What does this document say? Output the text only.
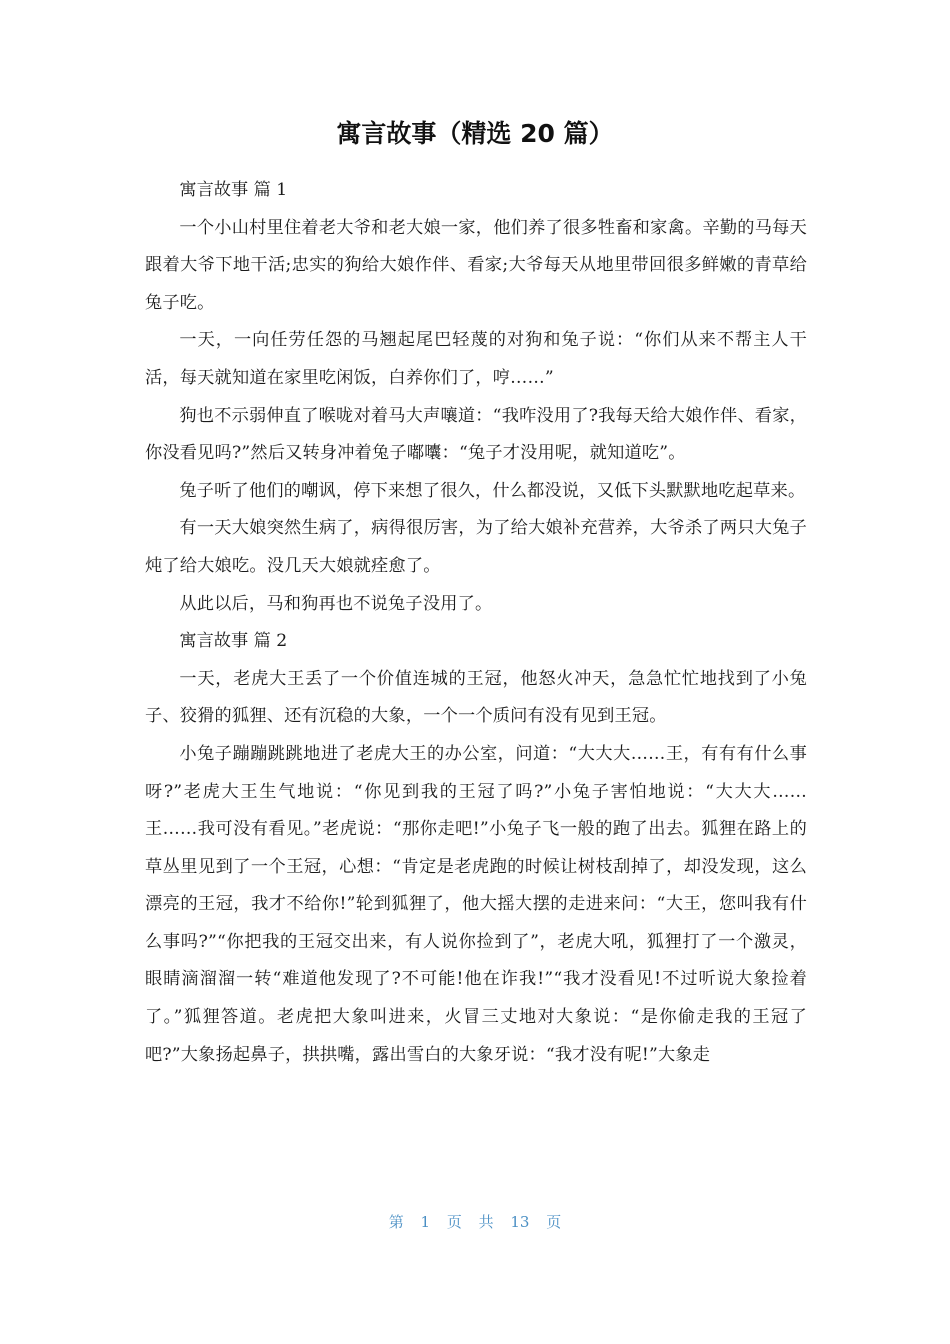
寓言故事（精选 20 篇）

寓言故事 篇 1

一个小山村里住着老大爷和老大娘一家，他们养了很多牲畜和家禽。辛勤的马每天跟着大爷下地干活;忠实的狗给大娘作伴、看家;大爷每天从地里带回很多鲜嫩的青草给兔子吃。

一天，一向任劳任怨的马翘起尾巴轻蔑的对狗和兔子说：“你们从来不帮主人干活，每天就知道在家里吃闲饭，白养你们了，哼……”

狗也不示弱伸直了喉咙对着马大声嚷道：“我咋没用了?我每天给大娘作伴、看家，你没看见吗?”然后又转身冲着兔子嘟囔：“兔子才没用呢，就知道吃”。

兔子听了他们的嘲讽，停下来想了很久，什么都没说，又低下头默默地吃起草来。

有一天大娘突然生病了，病得很厉害，为了给大娘补充营养，大爷杀了两只大兔子炖了给大娘吃。没几天大娘就痊愈了。

从此以后，马和狗再也不说兔子没用了。

寓言故事 篇 2

一天，老虎大王丢了一个价值连城的王冠，他怒火冲天，急急忙忙地找到了小兔子、狡猾的狐狸、还有沉稳的大象，一个一个质问有没有见到王冠。

小兔子蹦蹦跳跳地进了老虎大王的办公室，问道：“大大大……王，有有有什么事呀?”老虎大王生气地说：“你见到我的王冠了吗?”小兔子害怕地说：“大大大……王……我可没有看见。”老虎说：“那你走吧!”小兔子飞一般的跑了出去。狐狸在路上的草丛里见到了一个王冠，心想：“肯定是老虎跑的时候让树枝刮掉了，却没发现，这么漂亮的王冠，我才不给你!”轮到狐狸了，他大摇大摆的走进来问：“大王，您叫我有什么事吗?”“你把我的王冠交出来，有人说你捡到了”，老虎大吼，狐狸打了一个激灵，眼睛滴溜溜一转“难道他发现了?不可能!他在诈我!”“我才没看见!不过听说大象捡着了。”狐狸答道。老虎把大象叫进来，火冒三丈地对大象说：“是你偷走我的王冠了吧?”大象扬起鼻子，拱拱嘴，露出雪白的大象牙说：“我才没有呢!”大象走

第 1 页 共 13 页
